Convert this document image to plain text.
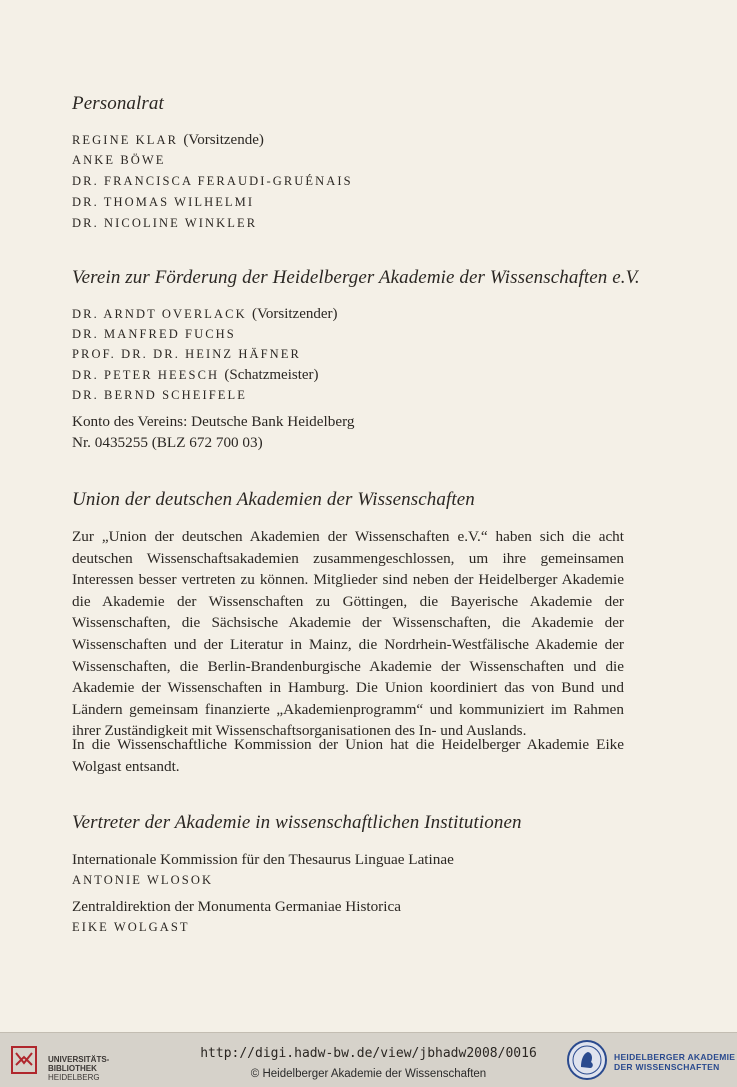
Personalrat
REGINE KLAR (Vorsitzende)
ANKE BÖWE
DR. FRANCISCA FERAUDI-GRUÉNAIS
DR. THOMAS WILHELMI
DR. NICOLINE WINKLER
Verein zur Förderung der Heidelberger Akademie der Wissenschaften e.V.
DR. ARNDT OVERLACK (Vorsitzender)
DR. MANFRED FUCHS
PROF. DR. DR. HEINZ HÄFNER
DR. PETER HEESCH (Schatzmeister)
DR. BERND SCHEIFELE
Konto des Vereins: Deutsche Bank Heidelberg
Nr. 0435255 (BLZ 672 700 03)
Union der deutschen Akademien der Wissenschaften
Zur „Union der deutschen Akademien der Wissenschaften e.V.“ haben sich die acht deutschen Wissenschaftsakademien zusammengeschlossen, um ihre gemeinsamen Interessen besser vertreten zu können. Mitglieder sind neben der Heidelberger Akademie die Akademie der Wissenschaften zu Göttingen, die Bayerische Akademie der Wissenschaften, die Sächsische Akademie der Wissenschaften, die Akademie der Wissenschaften und der Literatur in Mainz, die Nordrhein-Westfälische Akademie der Wissenschaften, die Berlin-Brandenburgische Akademie der Wissenschaften und die Akademie der Wissenschaften in Hamburg. Die Union koordiniert das von Bund und Ländern gemeinsam finanzierte „Akademienprogramm“ und kommuniziert im Rahmen ihrer Zuständigkeit mit Wissenschaftsorganisationen des In- und Auslands.
In die Wissenschaftliche Kommission der Union hat die Heidelberger Akademie Eike Wolgast entsandt.
Vertreter der Akademie in wissenschaftlichen Institutionen
Internationale Kommission für den Thesaurus Linguae Latinae
ANTONIE WLOSOK
Zentraldirektion der Monumenta Germaniae Historica
EIKE WOLGAST
UNIVERSITÄTS-
BIBLIOTHEK
HEIDELBERG
http://digi.hadw-bw.de/view/jbhadw2008/0016
© Heidelberger Akademie der Wissenschaften
HEIDELBERGER AKADEMIE
DER WISSENSCHAFTEN
